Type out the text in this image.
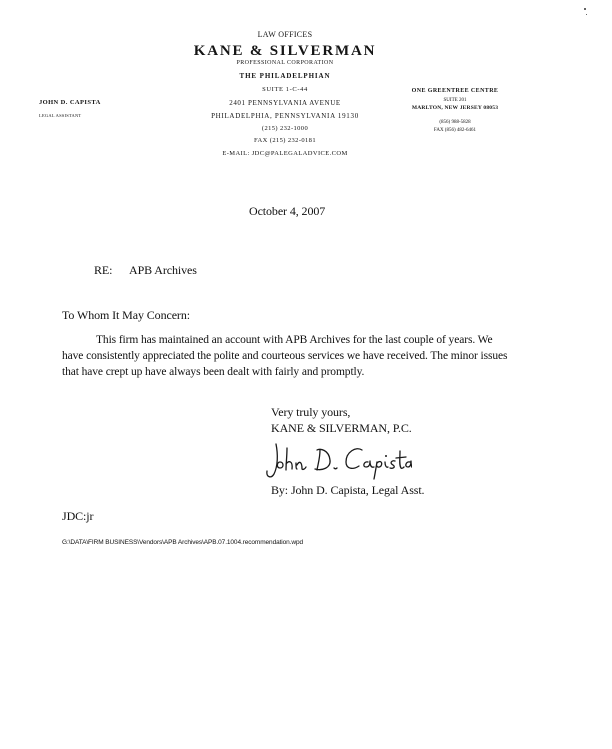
LAW OFFICES
KANE & SILVERMAN
PROFESSIONAL CORPORATION
THE PHILADELPHIAN
SUITE 1-C-44
2401 PENNSYLVANIA AVENUE
PHILADELPHIA, PENNSYLVANIA 19130
(215) 232-1000
FAX (215) 232-0181
E-MAIL: JDC@PALEGALADVICE.COM
JOHN D. CAPISTA
LEGAL ASSISTANT
ONE GREENTREE CENTRE
SUITE 201
MARLTON, NEW JERSEY 08053
(856) 988-5828
FAX (856) 482-6461
October 4, 2007
RE: APB Archives
To Whom It May Concern:
This firm has maintained an account with APB Archives for the last couple of years. We
have consistently appreciated the polite and courteous services we have received. The minor issues
that have crept up have always been dealt with fairly and promptly.
Very truly yours,
KANE & SILVERMAN, P.C.
By: John D. Capista, Legal Asst.
JDC:jr
G:\DATA\FIRM BUSINESS\Vendors\APB Archives\APB.07.1004.recommendation.wpd
